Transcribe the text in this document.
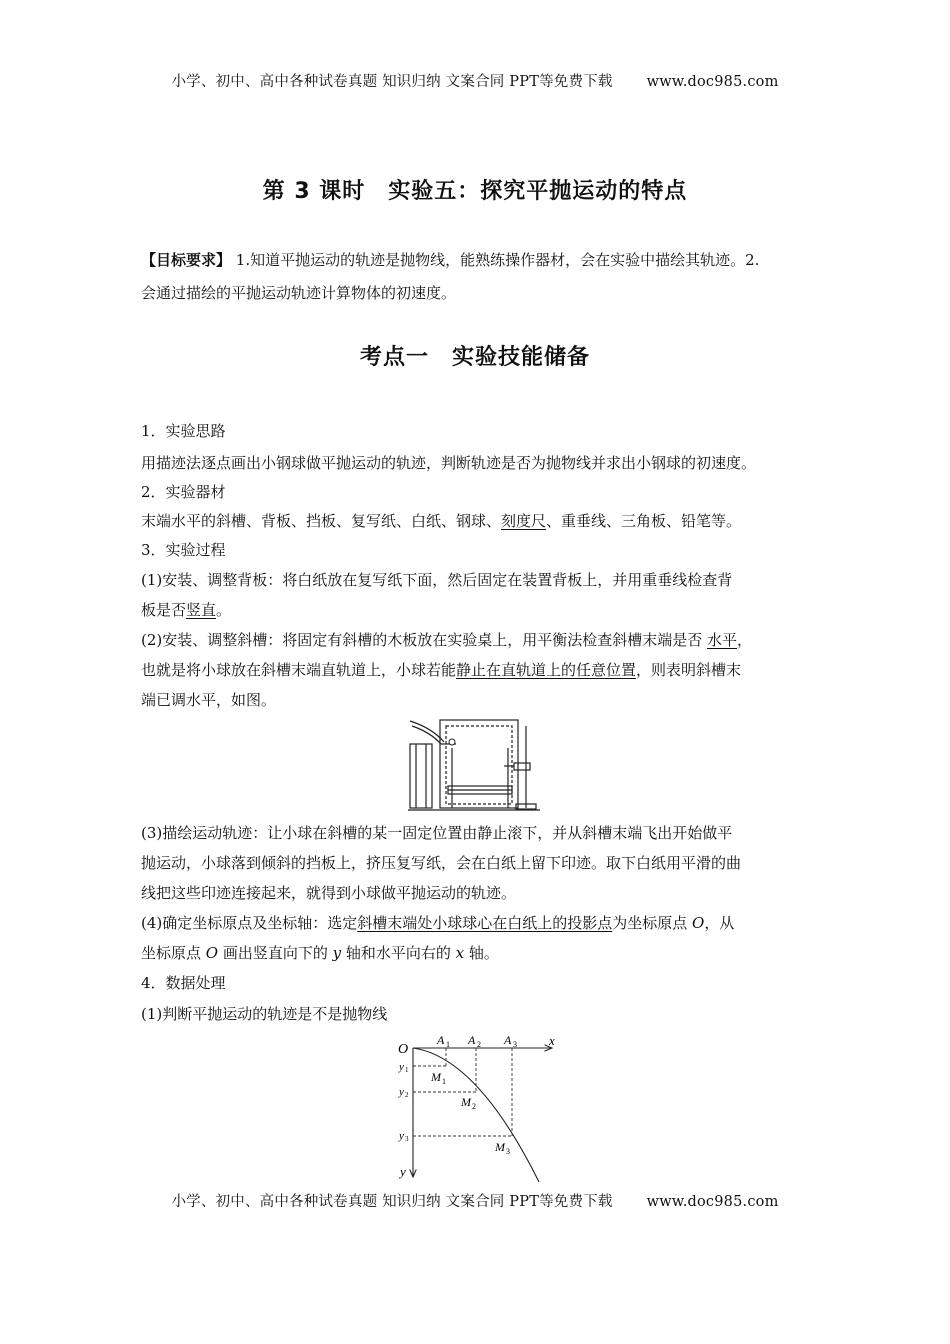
小学、初中、高中各种试卷真题 知识归纳 文案合同 PPT等免费下载 www.doc985.com
第 3 课时　实验五：探究平抛运动的特点
【目标要求】 1.知道平抛运动的轨迹是抛物线，能熟练操作器材，会在实验中描绘其轨迹。2.
会通过描绘的平抛运动轨迹计算物体的初速度。
考点一　实验技能储备
1．实验思路
用描迹法逐点画出小钢球做平抛运动的轨迹，判断轨迹是否为抛物线并求出小钢球的初速度。
2．实验器材
末端水平的斜槽、背板、挡板、复写纸、白纸、钢球、刻度尺、重垂线、三角板、铅笔等。
3．实验过程
(1)安装、调整背板：将白纸放在复写纸下面，然后固定在装置背板上，并用重垂线检查背
板是否竖直。
(2)安装、调整斜槽：将固定有斜槽的木板放在实验桌上，用平衡法检查斜槽末端是否 水平，
也就是将小球放在斜槽末端直轨道上，小球若能静止在直轨道上的任意位置，则表明斜槽末
端已调水平，如图。
(3)描绘运动轨迹：让小球在斜槽的某一固定位置由静止滚下，并从斜槽末端飞出开始做平
抛运动，小球落到倾斜的挡板上，挤压复写纸，会在白纸上留下印迹。取下白纸用平滑的曲
线把这些印迹连接起来，就得到小球做平抛运动的轨迹。
(4)确定坐标原点及坐标轴：选定斜槽末端处小球球心在白纸上的投影点为坐标原点 O，从
坐标原点 O 画出竖直向下的 y 轴和水平向右的 x 轴。
4．数据处理
(1)判断平抛运动的轨迹是不是抛物线
O
x
y
A 1 A 2 A 3
y 1
y 2
y 3
M 1
M 2
M 3
小学、初中、高中各种试卷真题 知识归纳 文案合同 PPT等免费下载 www.doc985.com
